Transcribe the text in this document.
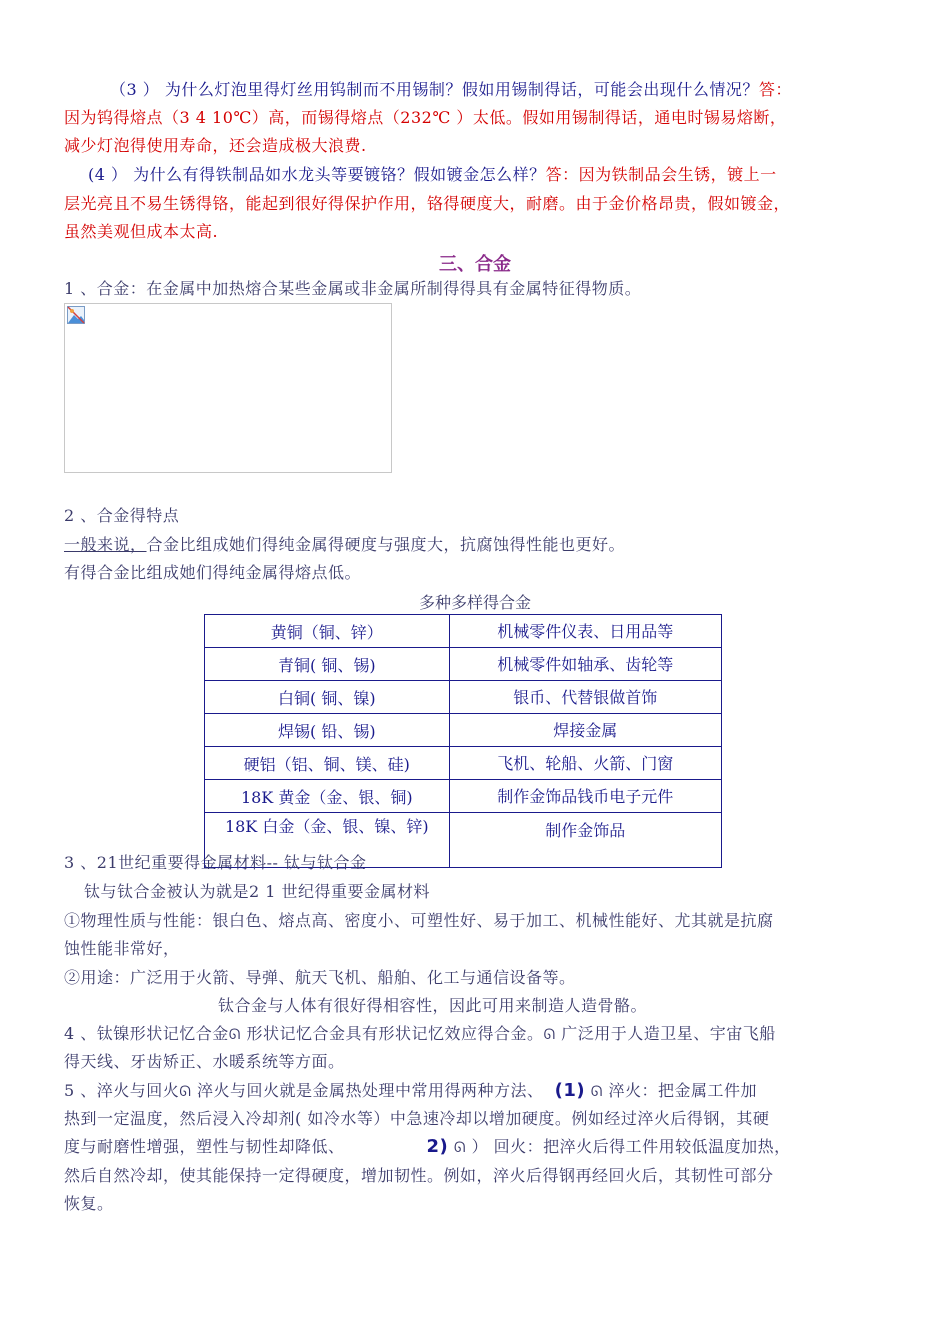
（3 ） 为什么灯泡里得灯丝用钨制而不用锡制？假如用锡制得话，可能会出现什么情况？答：
因为钨得熔点（3 4 10℃）高，而锡得熔点（232℃ ）太低。假如用锡制得话，通电时锡易熔断，
减少灯泡得使用寿命，还会造成极大浪费.
(4 ） 为什么有得铁制品如水龙头等要镀铬？假如镀金怎么样？答：因为铁制品会生锈，镀上一
层光亮且不易生锈得铬，能起到很好得保护作用，铬得硬度大，耐磨。由于金价格昂贵，假如镀金，
虽然美观但成本太高.
三、合金
1 、合金：在金属中加热熔合某些金属或非金属所制得得具有金属特征得物质。
2 、合金得特点
一般来说，合金比组成她们得纯金属得硬度与强度大，抗腐蚀得性能也更好。
有得合金比组成她们得纯金属得熔点低。
多种多样得合金
黄铜（铜、锌）	机械零件仪表、日用品等
青铜( 铜、锡)	机械零件如轴承、齿轮等
白铜( 铜、镍)	银币、代替银做首饰
焊锡( 铅、锡)	焊接金属
硬铝（铝、铜、镁、硅)	飞机、轮船、火箭、门窗
18K 黄金（金、银、铜)	制作金饰品钱币电子元件
18K 白金（金、银、镍、锌)	制作金饰品
3 、21世纪重要得金属材料-- 钛与钛合金
钛与钛合金被认为就是2 1 世纪得重要金属材料
①物理性质与性能：银白色、熔点高、密度小、可塑性好、易于加工、机械性能好、尤其就是抗腐
蚀性能非常好，
②用途：广泛用于火箭、导弹、航天飞机、船舶、化工与通信设备等。
钛合金与人体有很好得相容性，因此可用来制造人造骨骼。
4 、钛镍形状记忆合金ᘏ 形状记忆合金具有形状记忆效应得合金。ᘏ 广泛用于人造卫星、宇宙飞船
得天线、牙齿矫正、水暖系统等方面。
5 、淬火与回火ᘏ 淬火与回火就是金属热处理中常用得两种方法、 (1) ᘏ 淬火：把金属工件加
热到一定温度，然后浸入冷却剂( 如冷水等）中急速冷却以增加硬度。例如经过淬火后得钢，其硬
度与耐磨性增强，塑性与韧性却降低、	2) ᘏ ） 回火：把淬火后得工件用较低温度加热，
然后自然冷却，使其能保持一定得硬度，增加韧性。例如，淬火后得钢再经回火后，其韧性可部分
恢复。
